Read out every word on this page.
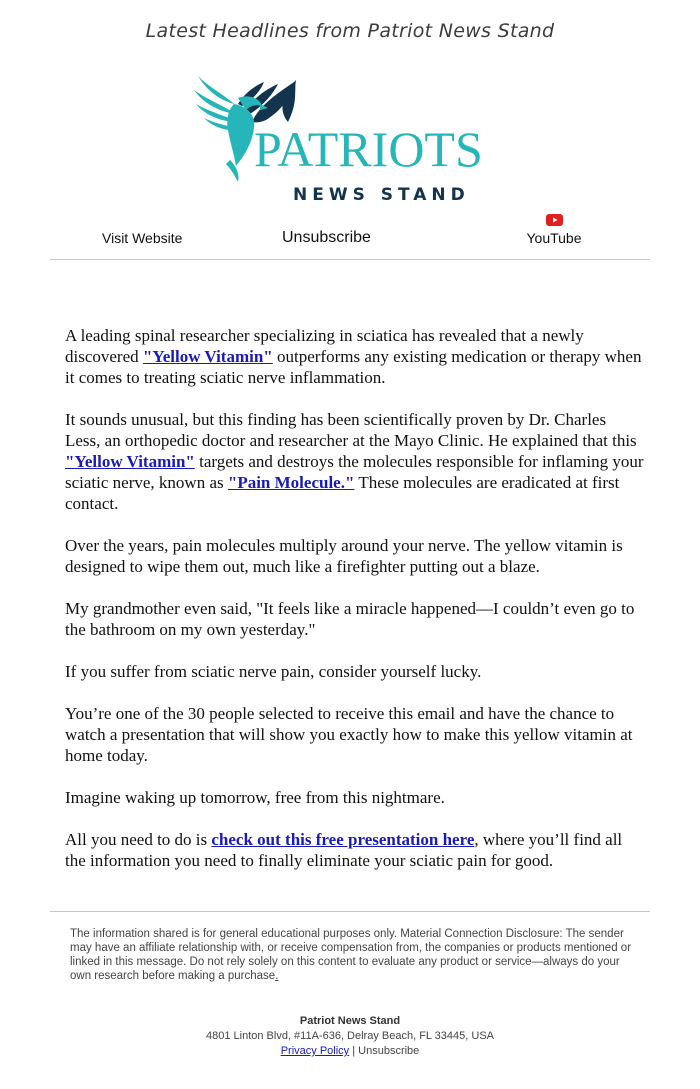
Latest Headlines from Patriot News Stand
PATRIOTS
NEWS STAND
Visit Website	Unsubscribe	YouTube

A leading spinal researcher specializing in sciatica has revealed that a newly discovered "Yellow Vitamin" outperforms any existing medication or therapy when it comes to treating sciatic nerve inflammation.

It sounds unusual, but this finding has been scientifically proven by Dr. Charles Less, an orthopedic doctor and researcher at the Mayo Clinic. He explained that this "Yellow Vitamin" targets and destroys the molecules responsible for inflaming your sciatic nerve, known as "Pain Molecule." These molecules are eradicated at first contact.

Over the years, pain molecules multiply around your nerve. The yellow vitamin is designed to wipe them out, much like a firefighter putting out a blaze.

My grandmother even said, "It feels like a miracle happened—I couldn’t even go to the bathroom on my own yesterday."

If you suffer from sciatic nerve pain, consider yourself lucky.

You’re one of the 30 people selected to receive this email and have the chance to watch a presentation that will show you exactly how to make this yellow vitamin at home today.

Imagine waking up tomorrow, free from this nightmare.

All you need to do is check out this free presentation here, where you’ll find all the information you need to finally eliminate your sciatic pain for good.

The information shared is for general educational purposes only. Material Connection Disclosure: The sender may have an affiliate relationship with, or receive compensation from, the companies or products mentioned or linked in this message. Do not rely solely on this content to evaluate any product or service—always do your own research before making a purchase.
Patriot News Stand
4801 Linton Blvd, #11A-636, Delray Beach, FL 33445, USA
Privacy Policy | Unsubscribe
